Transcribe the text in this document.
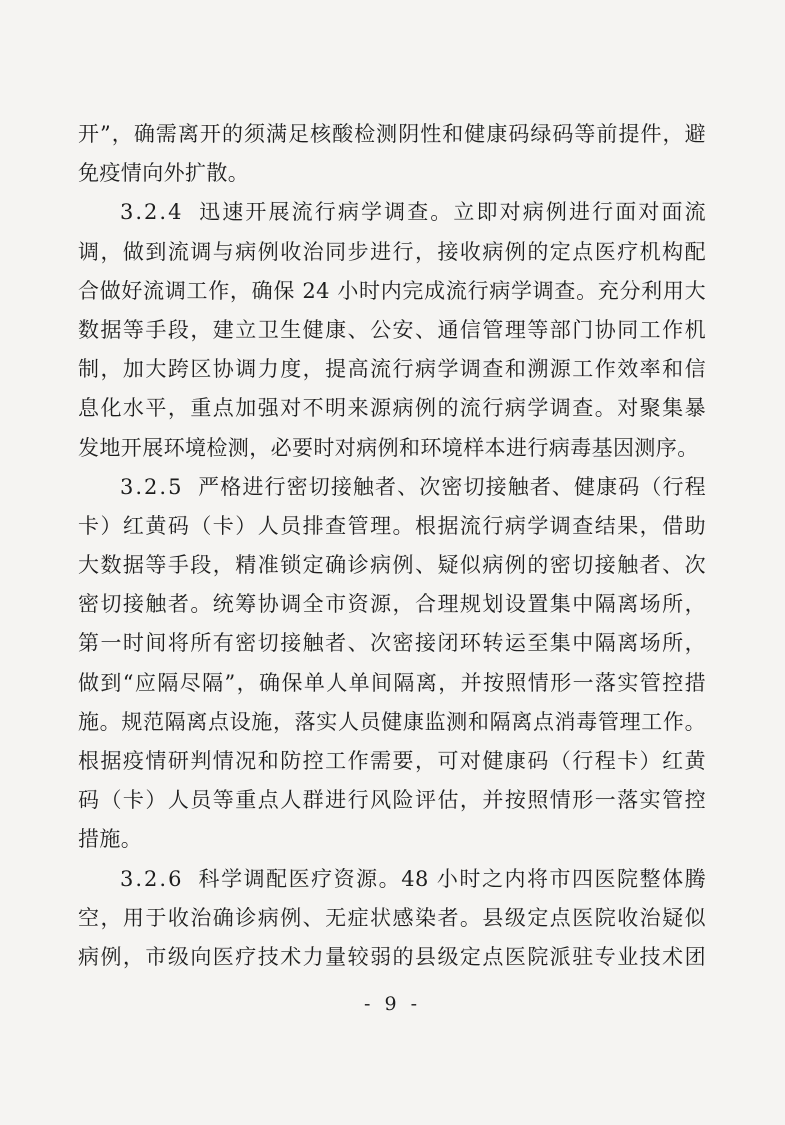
开”，确需离开的须满足核酸检测阴性和健康码绿码等前提件，避
免疫情向外扩散。
3.2.4 迅速开展流行病学调查。立即对病例进行面对面流
调，做到流调与病例收治同步进行，接收病例的定点医疗机构配
合做好流调工作，确保 24 小时内完成流行病学调查。充分利用大
数据等手段，建立卫生健康、公安、通信管理等部门协同工作机
制，加大跨区协调力度，提高流行病学调查和溯源工作效率和信
息化水平，重点加强对不明来源病例的流行病学调查。对聚集暴
发地开展环境检测，必要时对病例和环境样本进行病毒基因测序。
3.2.5 严格进行密切接触者、次密切接触者、健康码（行程
卡）红黄码（卡）人员排查管理。根据流行病学调查结果，借助
大数据等手段，精准锁定确诊病例、疑似病例的密切接触者、次
密切接触者。统筹协调全市资源，合理规划设置集中隔离场所，
第一时间将所有密切接触者、次密接闭环转运至集中隔离场所，
做到“应隔尽隔”，确保单人单间隔离，并按照情形一落实管控措
施。规范隔离点设施，落实人员健康监测和隔离点消毒管理工作。
根据疫情研判情况和防控工作需要，可对健康码（行程卡）红黄
码（卡）人员等重点人群进行风险评估，并按照情形一落实管控
措施。
3.2.6 科学调配医疗资源。48 小时之内将市四医院整体腾
空，用于收治确诊病例、无症状感染者。县级定点医院收治疑似
病例，市级向医疗技术力量较弱的县级定点医院派驻专业技术团
- 9 -
